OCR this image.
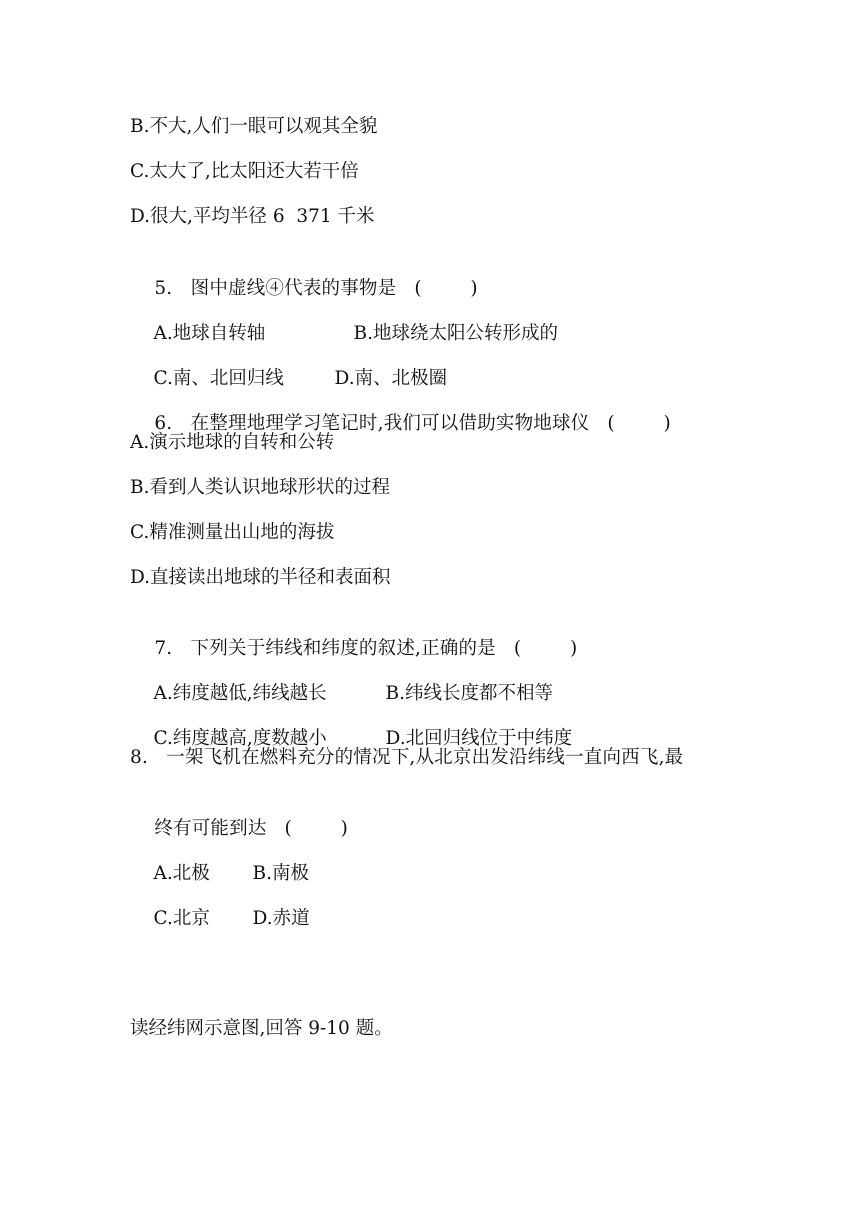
B.不大,人们一眼可以观其全貌
C.太大了,比太阳还大若干倍
D.很大,平均半径 6  371 千米

5.   图中虚线④代表的事物是 (        )

A.地球自转轴	B.地球绕太阳公转形成的

C.南、北回归线	D.南、北极圈

6.   在整理地理学习笔记时,我们可以借助实物地球仪 (        )

A.演示地球的自转和公转
B.看到人类认识地球形状的过程
C.精准测量出山地的海拔
D.直接读出地球的半径和表面积

7.   下列关于纬线和纬度的叙述,正确的是 (        )

A.纬度越低,纬线越长	B.纬线长度都不相等

C.纬度越高,度数越小	D.北回归线位于中纬度

8.   一架飞机在燃料充分的情况下,从北京出发沿纬线一直向西飞,最

终有可能到达 (        )

A.北极 B.南极

C.北京 D.赤道

读经纬网示意图,回答 9-10 题。
